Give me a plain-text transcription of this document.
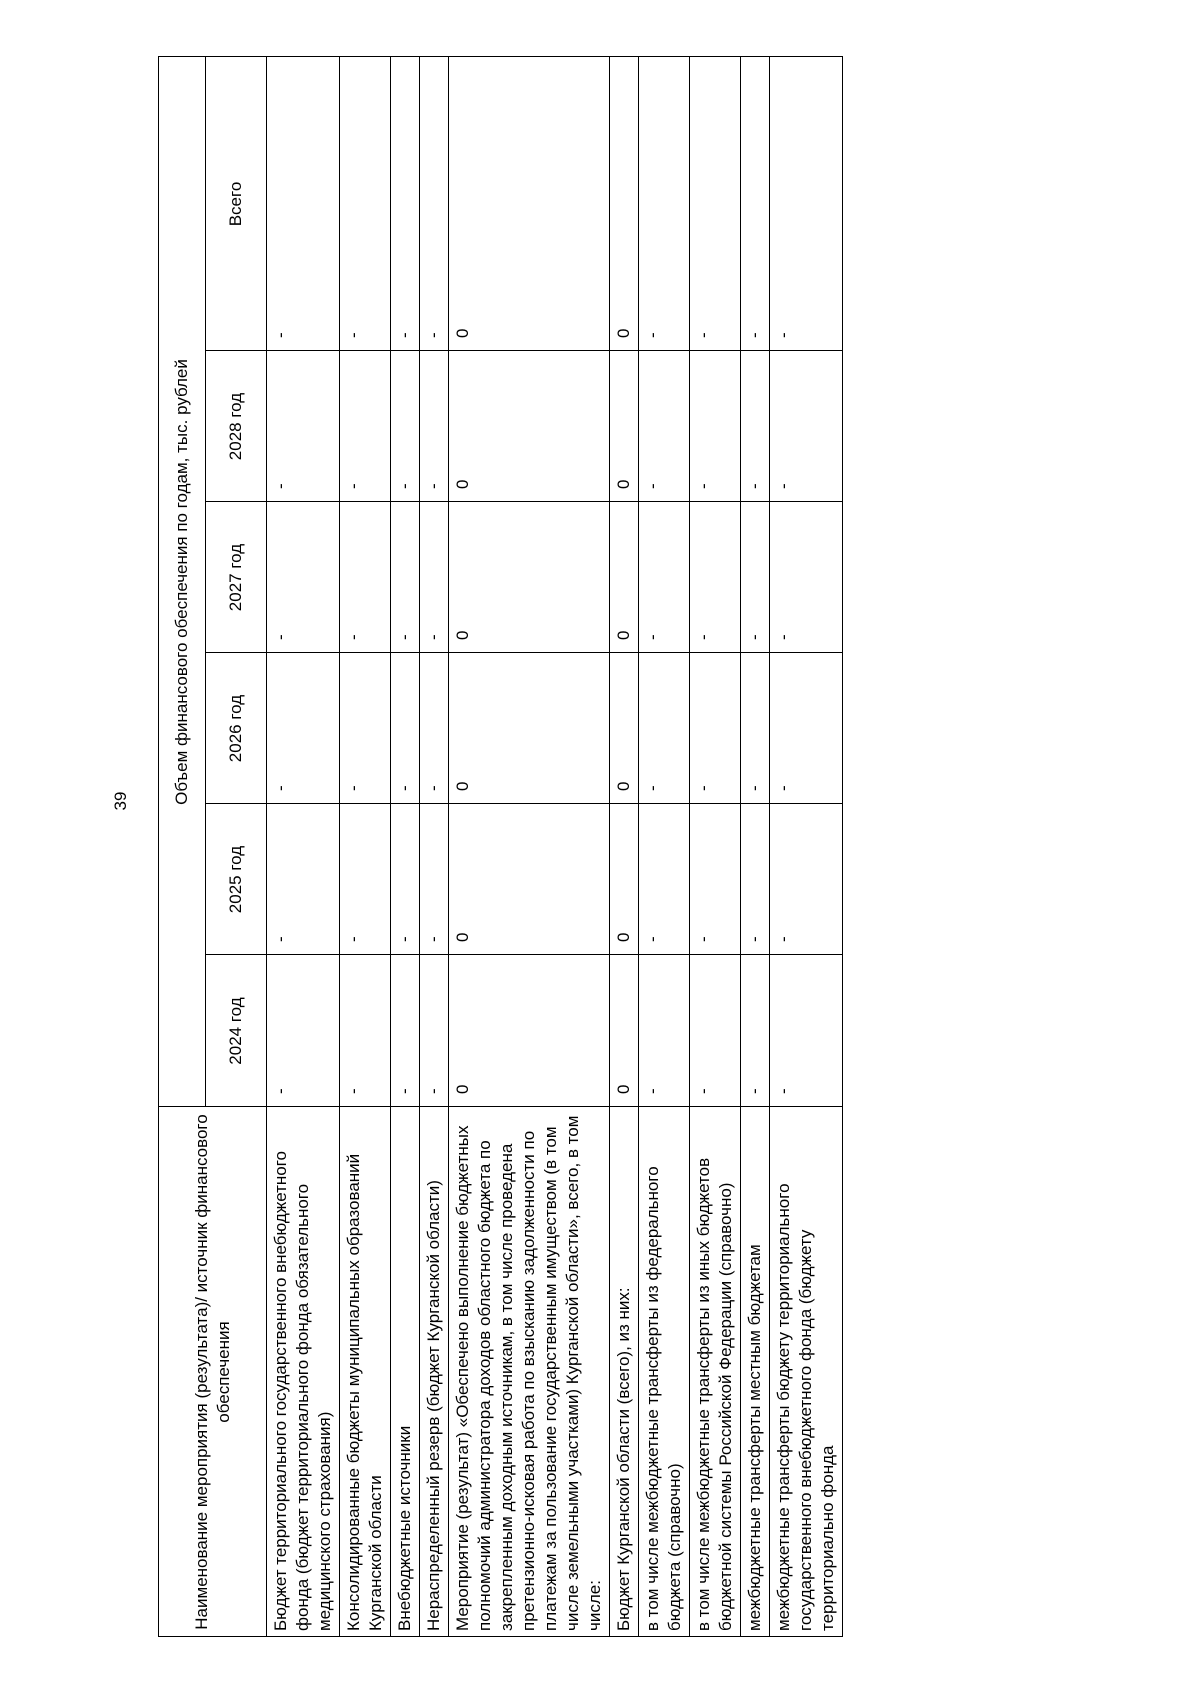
39
Наименование мероприятия (результата)/ источник финансового обеспечения	Объем финансового обеспечения по годам, тыс. рублей					
	2024 год	2025 год	2026 год	2027 год	2028 год	Всего
Бюджет территориального государственного внебюджетного фонда (бюджет территориального фонда обязательного медицинского страхования)	-	-	-	-	-	-
Консолидированные бюджеты муниципальных образований Курганской области	-	-	-	-	-	-
Внебюджетные источники	-	-	-	-	-	-
Нераспределенный резерв (бюджет Курганской области)	-	-	-	-	-	-
Мероприятие (результат) «Обеспечено выполнение бюджетных полномочий администратора доходов областного бюджета по закрепленным доходным источникам, в том числе проведена претензионно-исковая работа по взысканию задолженности по платежам за пользование государственным имуществом (в том числе земельными участками) Курганской области», всего, в том числе:	0	0	0	0	0	0
Бюджет Курганской области (всего), из них:	0	0	0	0	0	0
в том числе межбюджетные трансферты из федерального бюджета (справочно)	-	-	-	-	-	-
в том числе межбюджетные трансферты из иных бюджетов бюджетной системы Российской Федерации (справочно)	-	-	-	-	-	-
межбюджетные трансферты местным бюджетам	-	-	-	-	-	-
межбюджетные трансферты бюджету территориального государственного внебюджетного фонда (бюджету территориально фонда	-	-	-	-	-	-
